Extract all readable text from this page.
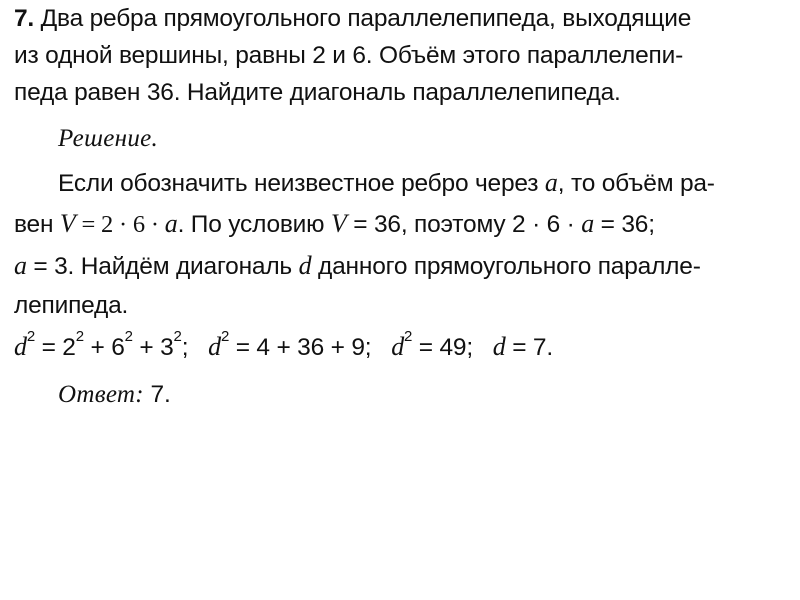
7. Два ребра прямоугольного параллелепипеда, выходящие
из одной вершины, равны 2 и 6. Объём этого параллелепи-
педа равен 36. Найдите диагональ параллелепипеда.
Решение.
Если обозначить неизвестное ребро через a, то объём ра-
вен V = 2 · 6 · a. По условию V = 36, поэтому 2 · 6 · a = 36;
a = 3. Найдём диагональ d данного прямоугольного паралле-
лепипеда.
$d^2 = 2^2 + 6^2 + 3^2$;   $d^2 = 4 + 36 + 9$;   $d^2 = 49$;   d = 7.
Ответ: 7.
